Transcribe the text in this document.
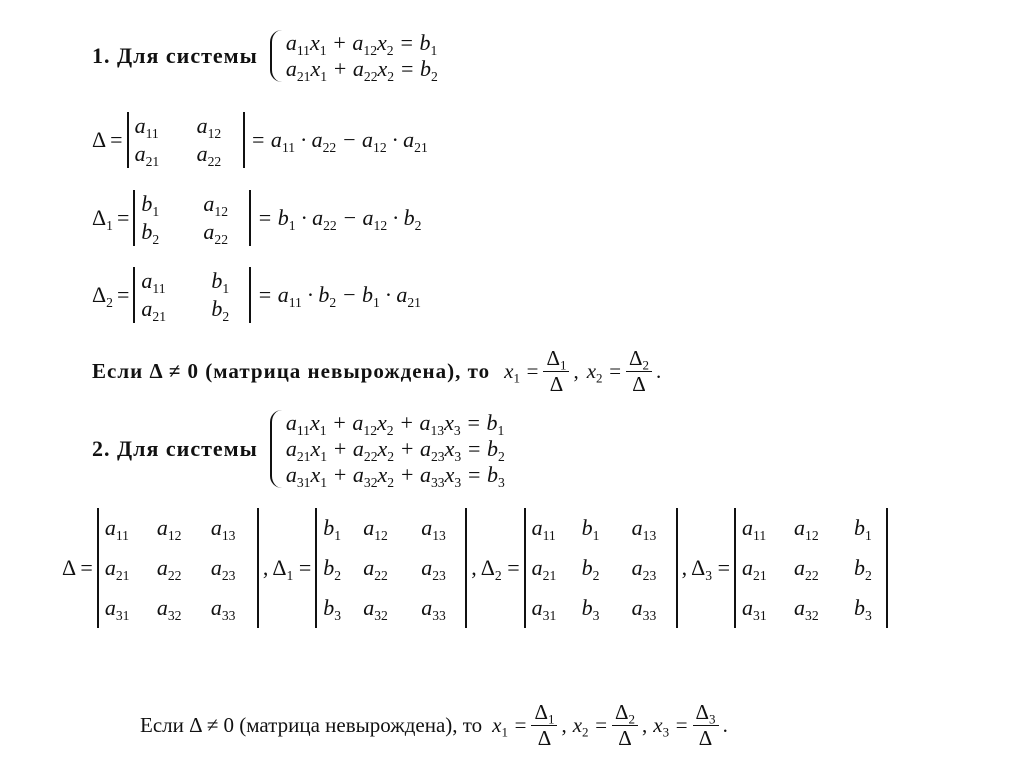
1. Для системы
$a_{11}x_1 + a_{12}x_2 = b_1$
$a_{21}x_1 + a_{22}x_2 = b_2$
Δ =
$a_{11}$	$a_{12}$
$a_{21}$	$a_{22}$
= $a_{11} \cdot a_{22} - a_{12} \cdot a_{21}$
$\Delta_1$ =
$b_1$	$a_{12}$
$b_2$	$a_{22}$
= $b_1 \cdot a_{22} - a_{12} \cdot b_2$
$\Delta_2$ =
$a_{11}$	$b_1$
$a_{21}$	$b_2$
= $a_{11} \cdot b_2 - b_1 \cdot a_{21}$
Если Δ ≠ 0 (матрица невырождена), то $x_1 = \frac{\Delta_1}{\Delta}$ , $x_2 = \frac{\Delta_2}{\Delta}$ .
2. Для системы
$a_{11}x_1 + a_{12}x_2 + a_{13}x_3 = b_1$
$a_{21}x_1 + a_{22}x_2 + a_{23}x_3 = b_2$
$a_{31}x_1 + a_{32}x_2 + a_{33}x_3 = b_3$
Δ =
$a_{11}$	$a_{12}$	$a_{13}$
$a_{21}$	$a_{22}$	$a_{23}$
$a_{31}$	$a_{32}$	$a_{33}$
, $\Delta_1$ =
$b_1$	$a_{12}$	$a_{13}$
$b_2$	$a_{22}$	$a_{23}$
$b_3$	$a_{32}$	$a_{33}$
, $\Delta_2$ =
$a_{11}$	$b_1$	$a_{13}$
$a_{21}$	$b_2$	$a_{23}$
$a_{31}$	$b_3$	$a_{33}$
, $\Delta_3$ =
$a_{11}$	$a_{12}$	$b_1$
$a_{21}$	$a_{22}$	$b_2$
$a_{31}$	$a_{32}$	$b_3$
Если Δ ≠ 0 (матрица невырождена), то $x_1 = \frac{\Delta_1}{\Delta}$ , $x_2 = \frac{\Delta_2}{\Delta}$ , $x_3 = \frac{\Delta_3}{\Delta}$ .
